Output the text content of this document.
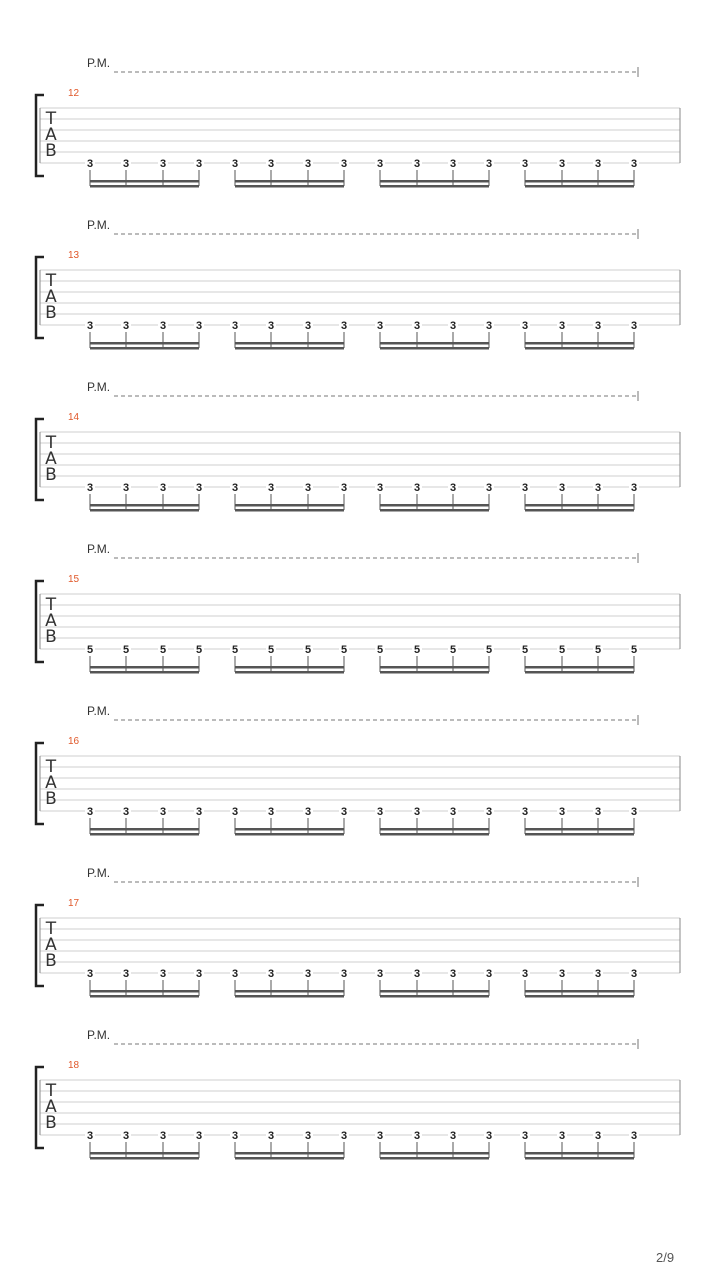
P.M.
12
T
A
B
3	3	3	3	3	3	3	3	3	3	3	3	3	3	3	3
P.M.
13
T
A
B
3	3	3	3	3	3	3	3	3	3	3	3	3	3	3	3
P.M.
14
T
A
B
3	3	3	3	3	3	3	3	3	3	3	3	3	3	3	3
P.M.
15
T
A
B
5	5	5	5	5	5	5	5	5	5	5	5	5	5	5	5
P.M.
16
T
A
B
3	3	3	3	3	3	3	3	3	3	3	3	3	3	3	3
P.M.
17
T
A
B
3	3	3	3	3	3	3	3	3	3	3	3	3	3	3	3
P.M.
18
T
A
B
3	3	3	3	3	3	3	3	3	3	3	3	3	3	3	3
2/9
